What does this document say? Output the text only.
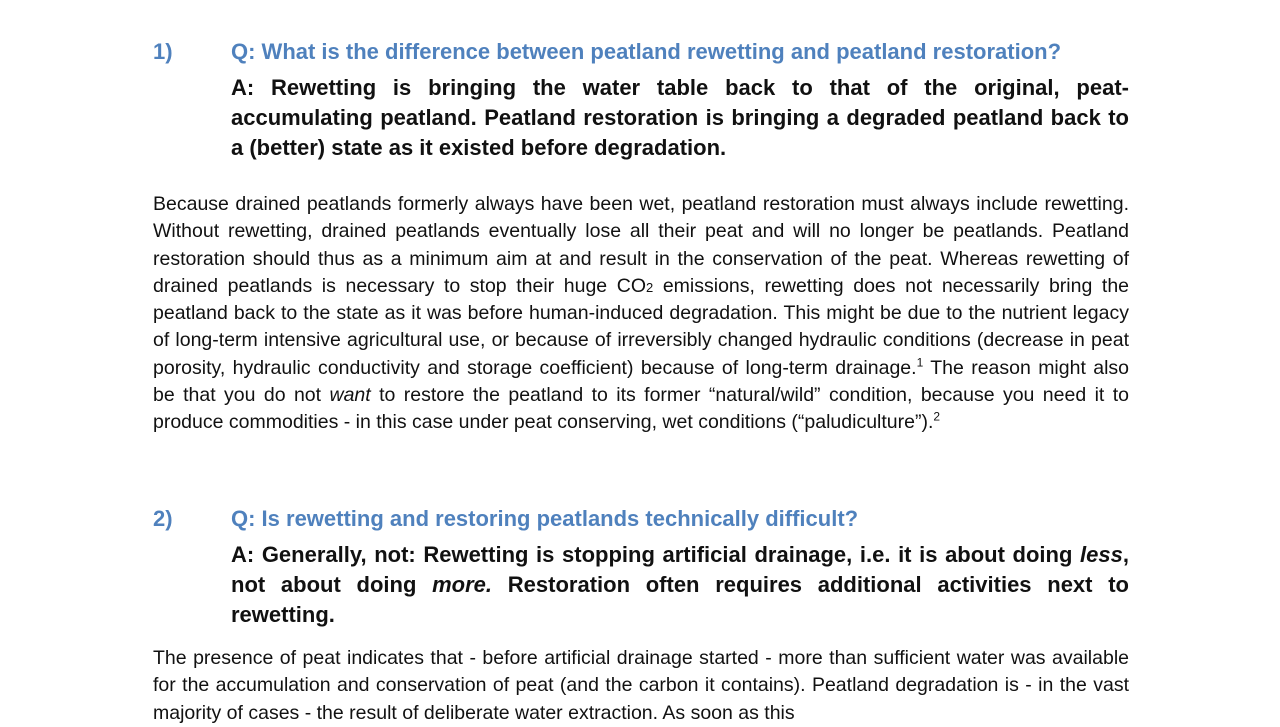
1)	Q: What is the difference between peatland rewetting and peatland restoration?
A: Rewetting is bringing the water table back to that of the original, peat-accumulating peatland. Peatland restoration is bringing a degraded peatland back to a (better) state as it existed before degradation.
Because drained peatlands formerly always have been wet, peatland restoration must always include rewetting. Without rewetting, drained peatlands eventually lose all their peat and will no longer be peatlands. Peatland restoration should thus as a minimum aim at and result in the conservation of the peat. Whereas rewetting of drained peatlands is necessary to stop their huge CO2 emissions, rewetting does not necessarily bring the peatland back to the state as it was before human-induced degradation. This might be due to the nutrient legacy of long-term intensive agricultural use, or because of irreversibly changed hydraulic conditions (decrease in peat porosity, hydraulic conductivity and storage coefficient) because of long-term drainage.$^1$ The reason might also be that you do not want to restore the peatland to its former “natural/wild” condition, because you need it to produce commodities - in this case under peat conserving, wet conditions (“paludiculture”).$^2$
2)	Q: Is rewetting and restoring peatlands technically difficult?
A: Generally, not: Rewetting is stopping artificial drainage, i.e. it is about doing less, not about doing more. Restoration often requires additional activities next to rewetting.
The presence of peat indicates that - before artificial drainage started - more than sufficient water was available for the accumulation and conservation of peat (and the carbon it contains). Peatland degradation is - in the vast majority of cases - the result of deliberate water extraction. As soon as this
